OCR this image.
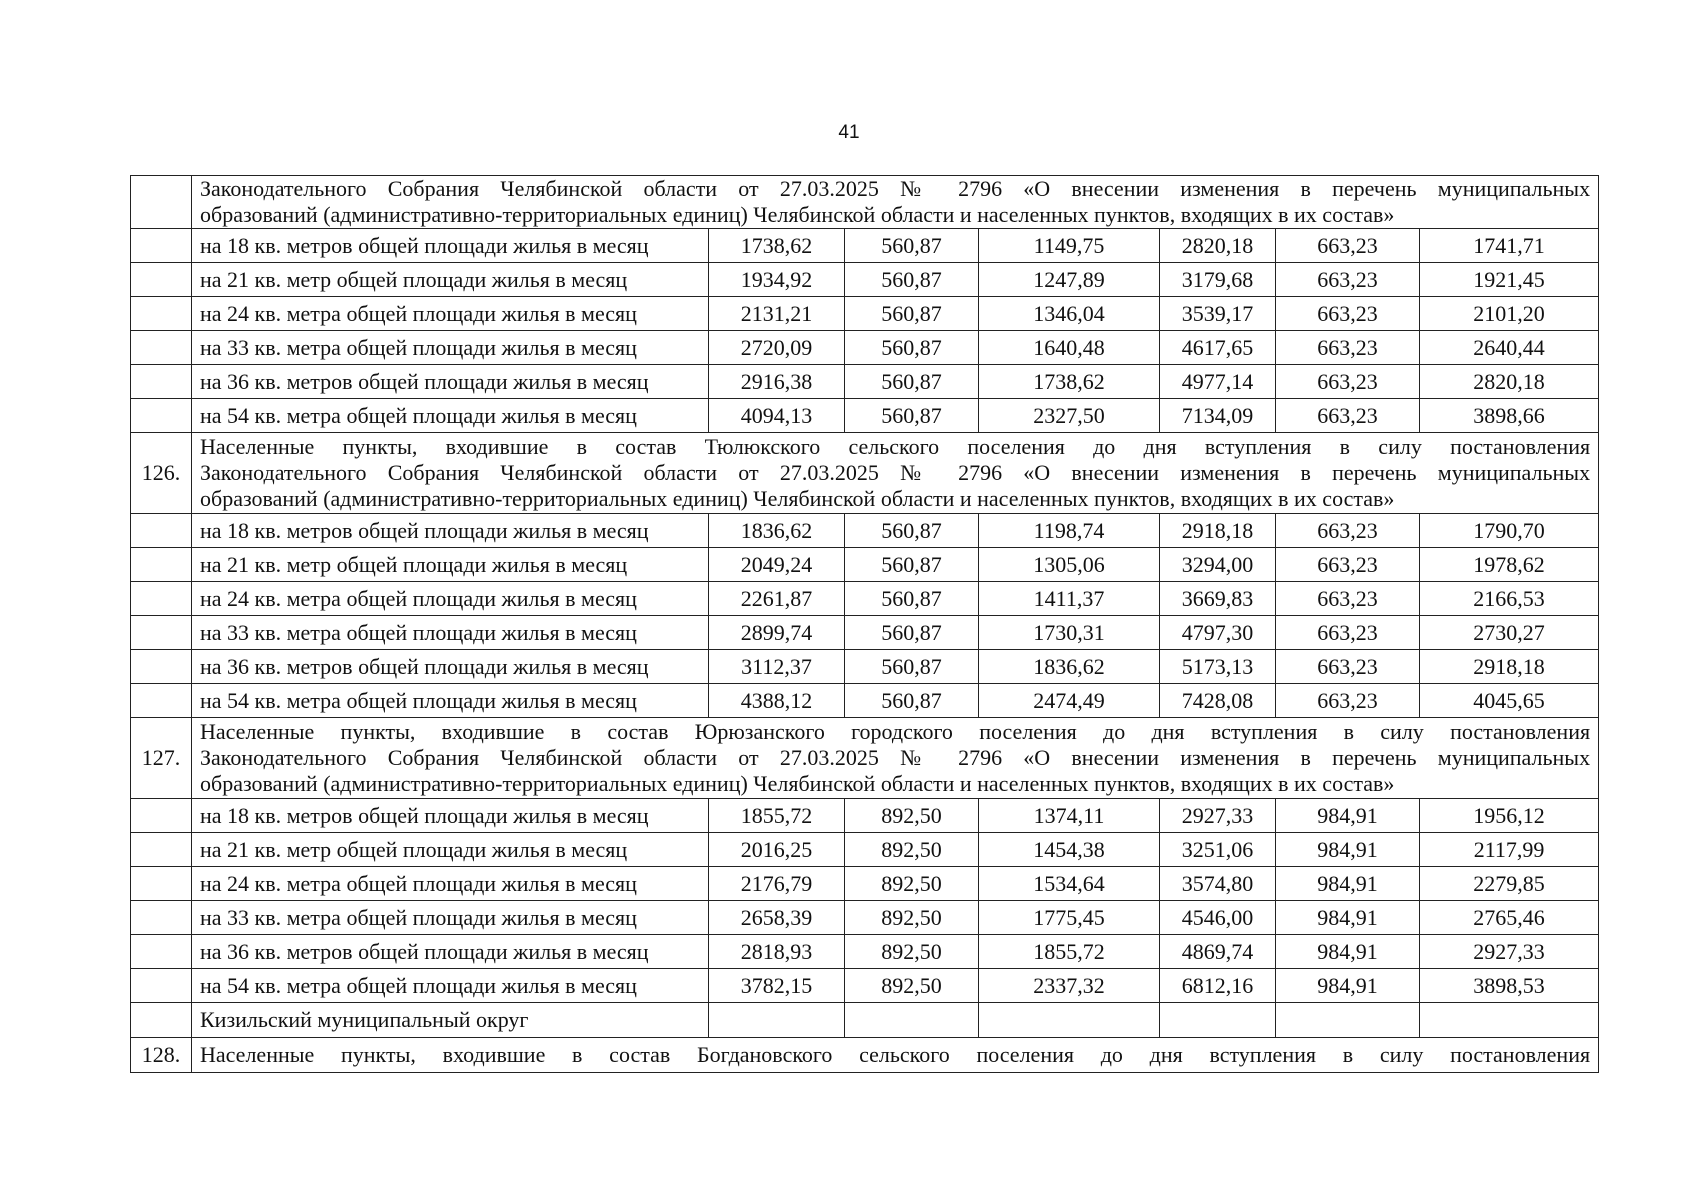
41

	Законодательного Собрания Челябинской области от 27.03.2025 № 2796 «О внесении изменения в перечень муниципальных
образований (административно-территориальных единиц) Челябинской области и населенных пунктов, входящих в их состав»						

	на 18 кв. метров общей площади жилья в месяц	1738,62	560,87	1149,75	2820,18	663,23	1741,71
	на 21 кв. метр общей площади жилья в месяц	1934,92	560,87	1247,89	3179,68	663,23	1921,45
	на 24 кв. метра общей площади жилья в месяц	2131,21	560,87	1346,04	3539,17	663,23	2101,20
	на 33 кв. метра общей площади жилья в месяц	2720,09	560,87	1640,48	4617,65	663,23	2640,44
	на 36 кв. метров общей площади жилья в месяц	2916,38	560,87	1738,62	4977,14	663,23	2820,18
	на 54 кв. метра общей площади жилья в месяц	4094,13	560,87	2327,50	7134,09	663,23	3898,66
126.	Населенные пункты, входившие в состав Тюлюкского сельского поселения до дня вступления в силу постановления
Законодательного Собрания Челябинской области от 27.03.2025 № 2796 «О внесении изменения в перечень муниципальных
образований (административно-территориальных единиц) Челябинской области и населенных пунктов, входящих в их состав»						

	на 18 кв. метров общей площади жилья в месяц	1836,62	560,87	1198,74	2918,18	663,23	1790,70
	на 21 кв. метр общей площади жилья в месяц	2049,24	560,87	1305,06	3294,00	663,23	1978,62
	на 24 кв. метра общей площади жилья в месяц	2261,87	560,87	1411,37	3669,83	663,23	2166,53
	на 33 кв. метра общей площади жилья в месяц	2899,74	560,87	1730,31	4797,30	663,23	2730,27
	на 36 кв. метров общей площади жилья в месяц	3112,37	560,87	1836,62	5173,13	663,23	2918,18
	на 54 кв. метра общей площади жилья в месяц	4388,12	560,87	2474,49	7428,08	663,23	4045,65
127.	Населенные пункты, входившие в состав Юрюзанского городского поселения до дня вступления в силу постановления
Законодательного Собрания Челябинской области от 27.03.2025 № 2796 «О внесении изменения в перечень муниципальных
образований (административно-территориальных единиц) Челябинской области и населенных пунктов, входящих в их состав»						

	на 18 кв. метров общей площади жилья в месяц	1855,72	892,50	1374,11	2927,33	984,91	1956,12
	на 21 кв. метр общей площади жилья в месяц	2016,25	892,50	1454,38	3251,06	984,91	2117,99
	на 24 кв. метра общей площади жилья в месяц	2176,79	892,50	1534,64	3574,80	984,91	2279,85
	на 33 кв. метра общей площади жилья в месяц	2658,39	892,50	1775,45	4546,00	984,91	2765,46
	на 36 кв. метров общей площади жилья в месяц	2818,93	892,50	1855,72	4869,74	984,91	2927,33
	на 54 кв. метра общей площади жилья в месяц	3782,15	892,50	2337,32	6812,16	984,91	3898,53
	Кизильский муниципальный округ						
128.	Населенные пункты, входившие в состав Богдановского сельского поселения до дня вступления в силу постановления						
